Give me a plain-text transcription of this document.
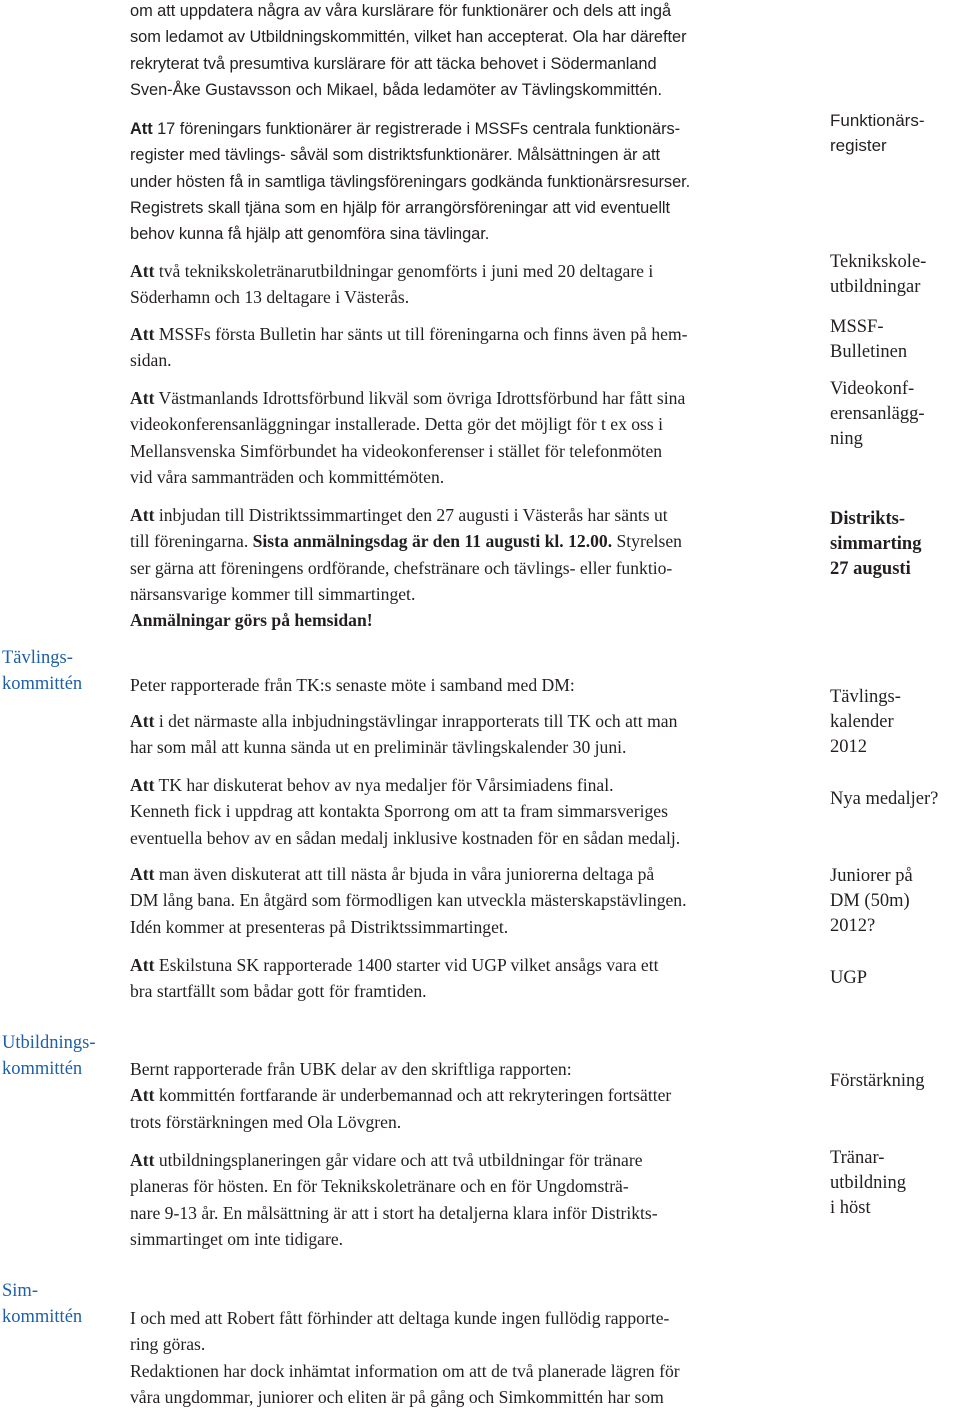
om att uppdatera några av våra kurslärare för funktionärer och dels att ingå
som ledamot av Utbildningskommittén, vilket han accepterat. Ola har därefter
rekryterat två presumtiva kurslärare för att täcka behovet i Södermanland
Sven-Åke Gustavsson och Mikael, båda ledamöter av Tävlingskommittén.
Att 17 föreningars funktionärer är registrerade i MSSFs centrala funktionärs-
register med tävlings- såväl som distriktsfunktionärer. Målsättningen är att
under hösten få in samtliga tävlingsföreningars godkända funktionärsresurser.
Registrets skall tjäna som en hjälp för arrangörsföreningar att vid eventuellt
behov kunna få hjälp att genomföra sina tävlingar.
Att två teknikskoletränarutbildningar genomförts i juni med 20 deltagare i
Söderhamn och 13 deltagare i Västerås.
Att MSSFs första Bulletin har sänts ut till föreningarna och finns även på hem-
sidan.
Att Västmanlands Idrottsförbund likväl som övriga Idrottsförbund har fått sina
videokonferensanläggningar installerade. Detta gör det möjligt för t ex oss i
Mellansvenska Simförbundet ha videokonferenser i stället för telefonmöten
vid våra sammanträden och kommittémöten.
Att inbjudan till Distriktssimmartinget den 27 augusti i Västerås har sänts ut
till föreningarna. Sista anmälningsdag är den 11 augusti kl. 12.00. Styrelsen
ser gärna att föreningens ordförande, chefstränare och tävlings- eller funktio-
närsansvarige kommer till simmartinget.
Anmälningar görs på hemsidan!
Peter rapporterade från TK:s senaste möte i samband med DM:
Att i det närmaste alla inbjudningstävlingar inrapporterats till TK och att man
har som mål att kunna sända ut en preliminär tävlingskalender 30 juni.
Att TK har diskuterat behov av nya medaljer för Vårsimiadens final.
Kenneth fick i uppdrag att kontakta Sporrong om att ta fram simmarsveriges
eventuella behov av en sådan medalj inklusive kostnaden för en sådan medalj.
Att man även diskuterat att till nästa år bjuda in våra juniorerna deltaga på
DM lång bana. En åtgärd som förmodligen kan utveckla mästerskapstävlingen.
Idén kommer at presenteras på Distriktssimmartinget.
Att Eskilstuna SK rapporterade 1400 starter vid UGP vilket ansågs vara ett
bra startfällt som bådar gott för framtiden.
Bernt rapporterade från UBK delar av den skriftliga rapporten:
Att kommittén fortfarande är underbemannad och att rekryteringen fortsätter
trots förstärkningen med Ola Lövgren.
Att utbildningsplaneringen går vidare och att två utbildningar för tränare
planeras för hösten. En för Teknikskoletränare och en för Ungdomsträ-
nare 9-13 år. En målsättning är att i stort ha detaljerna klara inför Distrikts-
simmartinget om inte tidigare.
I och med att Robert fått förhinder att deltaga kunde ingen fullödig rapporte-
ring göras.
Redaktionen har dock inhämtat information om att de två planerade lägren för
våra ungdommar, juniorer och eliten är på gång och Simkommittén har som
Tävlings-
kommittén
Utbildnings-
kommittén
Sim-
kommittén
Funktionärs-
register
Teknikskole-
utbildningar
MSSF-
Bulletinen
Videokonf-
erensanlägg-
ning
Distrikts-
simmarting
27 augusti
Tävlings-
kalender
2012
Nya medaljer?
Juniorer på
DM (50m)
2012?
UGP
Förstärkning
Tränar-
utbildning
i höst
